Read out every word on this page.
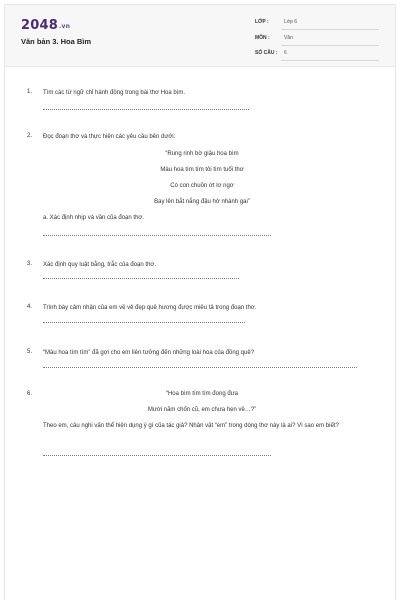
2048.vn
Văn bản 3. Hoa Bìm
LỚP :	Lớp 6
MÔN :	Văn
SỐ CÂU : 6
1. Tìm các từ ngữ chỉ hành động trong bài thơ Hoa bìm.
2. Đọc đoạn thơ và thực hiện các yêu cầu bên dưới:
“Rung rinh bờ giậu hoa bìm
Màu hoa tím tím tôi tìm tuổi thơ
Cò con chuồn ớt lơ ngơ
Bay lên bắt nắng đậu hờ nhánh gai”
a. Xác định nhịp và vần của đoạn thơ.
3. Xác định quy luật bằng, trắc của đoạn thơ.
4. Trình bày cảm nhận của em về vẻ đẹp quê hương được miêu tả trong đoạn thơ.
5. “Màu hoa tím tím” đã gợi cho em liên tưởng đến những loài hoa của đồng quê?
6.	“Hoa bìm tím tím đong đưa
Mười năm chốn cũ, em chưa hẹn về…?”
Theo em, câu nghi vấn thể hiện dụng ý gì của tác giả? Nhân vật “em” trong dòng thơ này là ai? Vì sao em biết?
